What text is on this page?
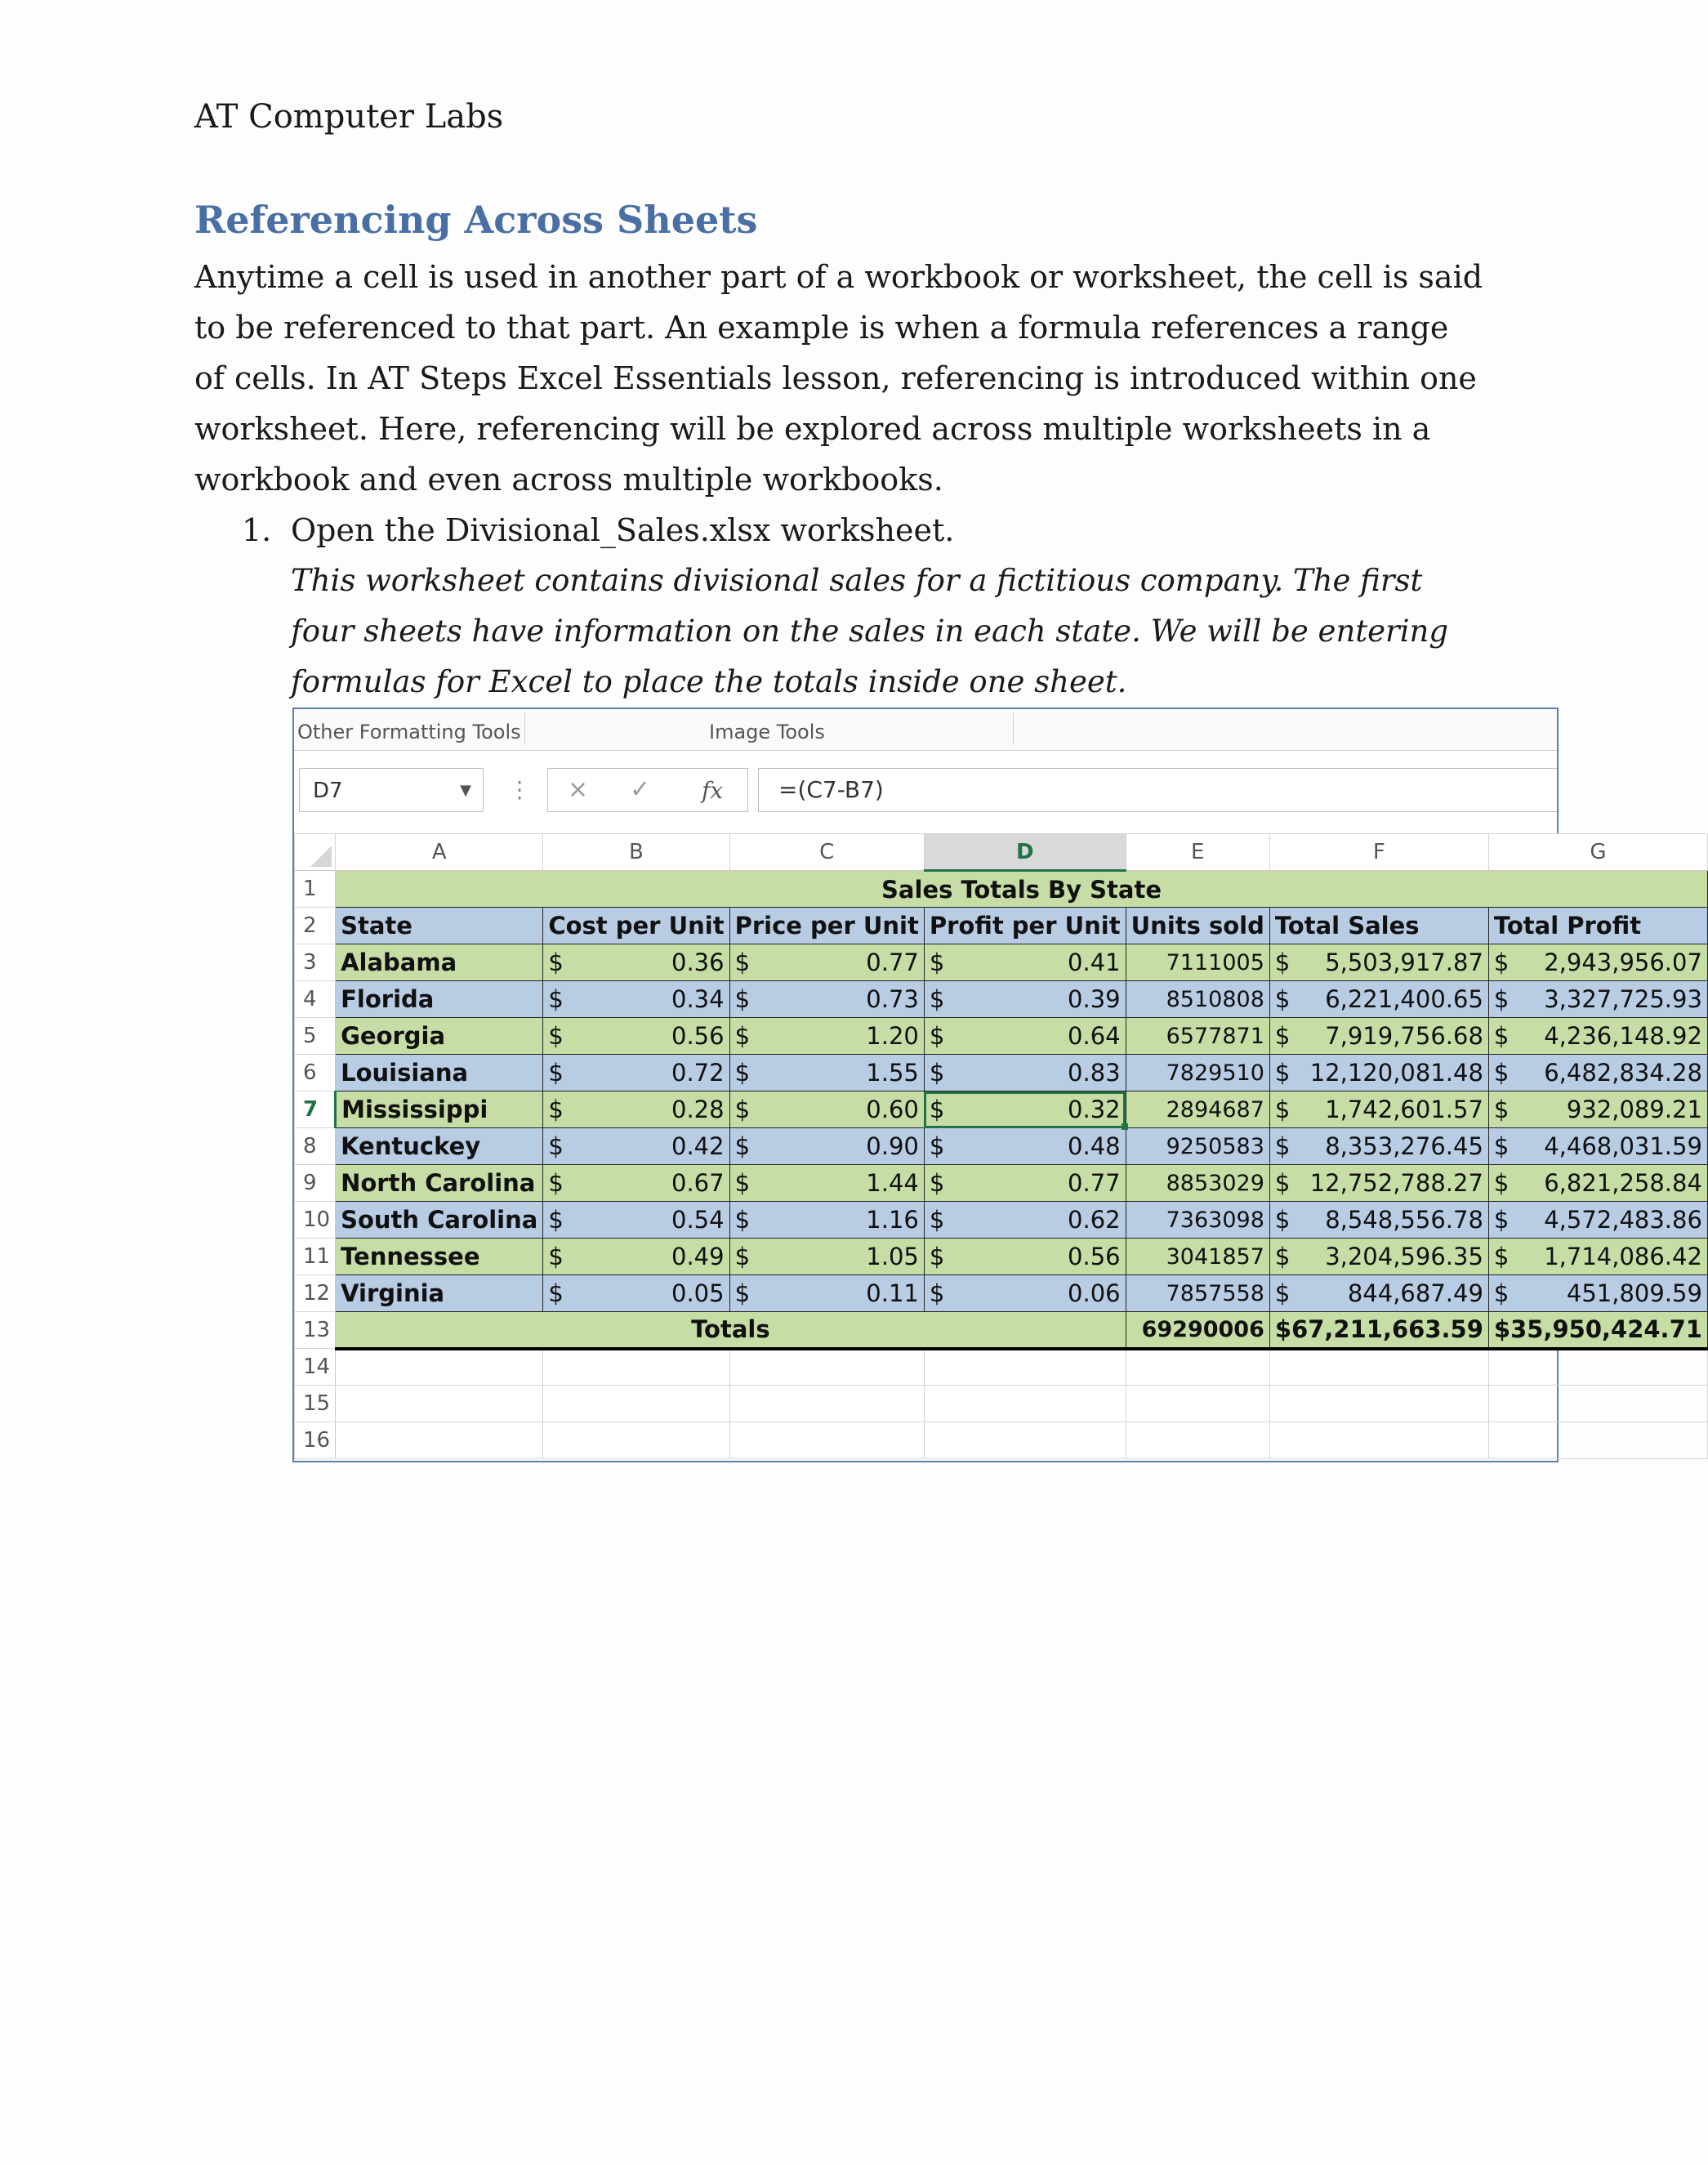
AT Computer Labs
Referencing Across Sheets

Anytime a cell is used in another part of a workbook or worksheet, the cell is said to be referenced to that part. An example is when a formula references a range of cells. In AT Steps Excel Essentials lesson, referencing is introduced within one worksheet. Here, referencing will be explored across multiple worksheets in a workbook and even across multiple workbooks.

1. Open the Divisional_Sales.xlsx worksheet.

This worksheet contains divisional sales for a fictitious company. The first four sheets have information on the sales in each state. We will be entering formulas for Excel to place the totals inside one sheet.

Other Formatting Tools	Image Tools
D7	▼ ⋮ × ✓ fx	=(C7-B7)
	A	B	C	D	E	F	G
1	Sales Totals By State						
2	State	Cost per Unit	Price per Unit	Profit per Unit	Units sold	Total Sales	Total Profit
3	Alabama	$ 0.36	$ 0.77	$ 0.41	7111005	$ 5,503,917.87	$ 2,943,956.07

4	Florida	$ 0.34	$ 0.73	$ 0.39	8510808	$ 6,221,400.65	$ 3,327,725.93

5	Georgia	$ 0.56	$ 1.20	$ 0.64	6577871	$ 7,919,756.68	$ 4,236,148.92

6	Louisiana	$ 0.72	$ 1.55	$ 0.83	7829510	$ 12,120,081.48	$ 6,482,834.28

7	Mississippi	$ 0.28	$ 0.60	$ 0.32	2894687	$ 1,742,601.57	$ 932,089.21

8	Kentuckey	$ 0.42	$ 0.90	$ 0.48	9250583	$ 8,353,276.45	$ 4,468,031.59

9	North Carolina	$ 0.67	$ 1.44	$ 0.77	8853029	$ 12,752,788.27	$ 6,821,258.84

10	South Carolina	$ 0.54	$ 1.16	$ 0.62	7363098	$ 8,548,556.78	$ 4,572,483.86

11	Tennessee	$ 0.49	$ 1.05	$ 0.56	3041857	$ 3,204,596.35	$ 1,714,086.42

12	Virginia	$ 0.05	$ 0.11	$ 0.06	7857558	$ 844,687.49	$ 451,809.59

13	Totals				69290006	$ 67,211,663.59	$ 35,950,424.71

14							
15							
16							
